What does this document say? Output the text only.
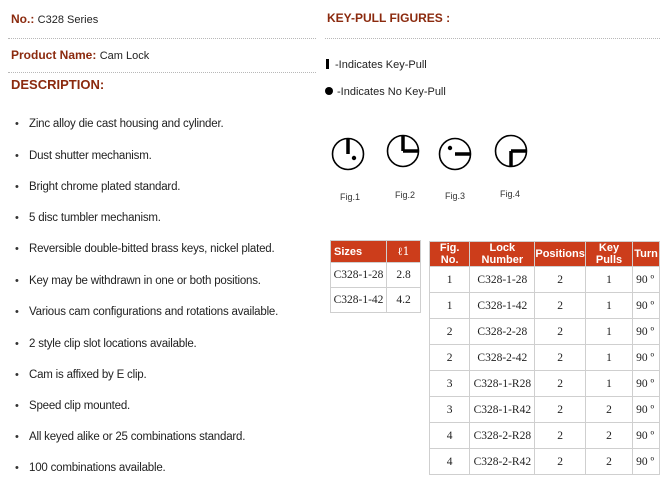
No.: C328 Series
Product Name: Cam Lock
DESCRIPTION:
• Zinc alloy die cast housing and cylinder.
• Dust shutter mechanism.
• Bright chrome plated standard.
• 5 disc tumbler mechanism.
• Reversible double-bitted brass keys, nickel plated.
• Key may be withdrawn in one or both positions.
• Various cam configurations and rotations available.
• 2 style clip slot locations available.
• Cam is affixed by E clip.
• Speed clip mounted.
• All keyed alike or 25 combinations standard.
• 100 combinations available.
KEY-PULL FIGURES :
-Indicates Key-Pull
-Indicates No Key-Pull
Fig.1	Fig.2	Fig.3	Fig.4
Sizes	ℓ1
C328-1-28	2.8
C328-1-42	4.2
Fig. No.	Lock Number	Positions	Key Pulls	Turn
1	C328-1-28	2	1	90 º
1	C328-1-42	2	1	90 º
2	C328-2-28	2	1	90 º
2	C328-2-42	2	1	90 º
3	C328-1-R28	2	1	90 º
3	C328-1-R42	2	2	90 º
4	C328-2-R28	2	2	90 º
4	C328-2-R42	2	2	90 º
